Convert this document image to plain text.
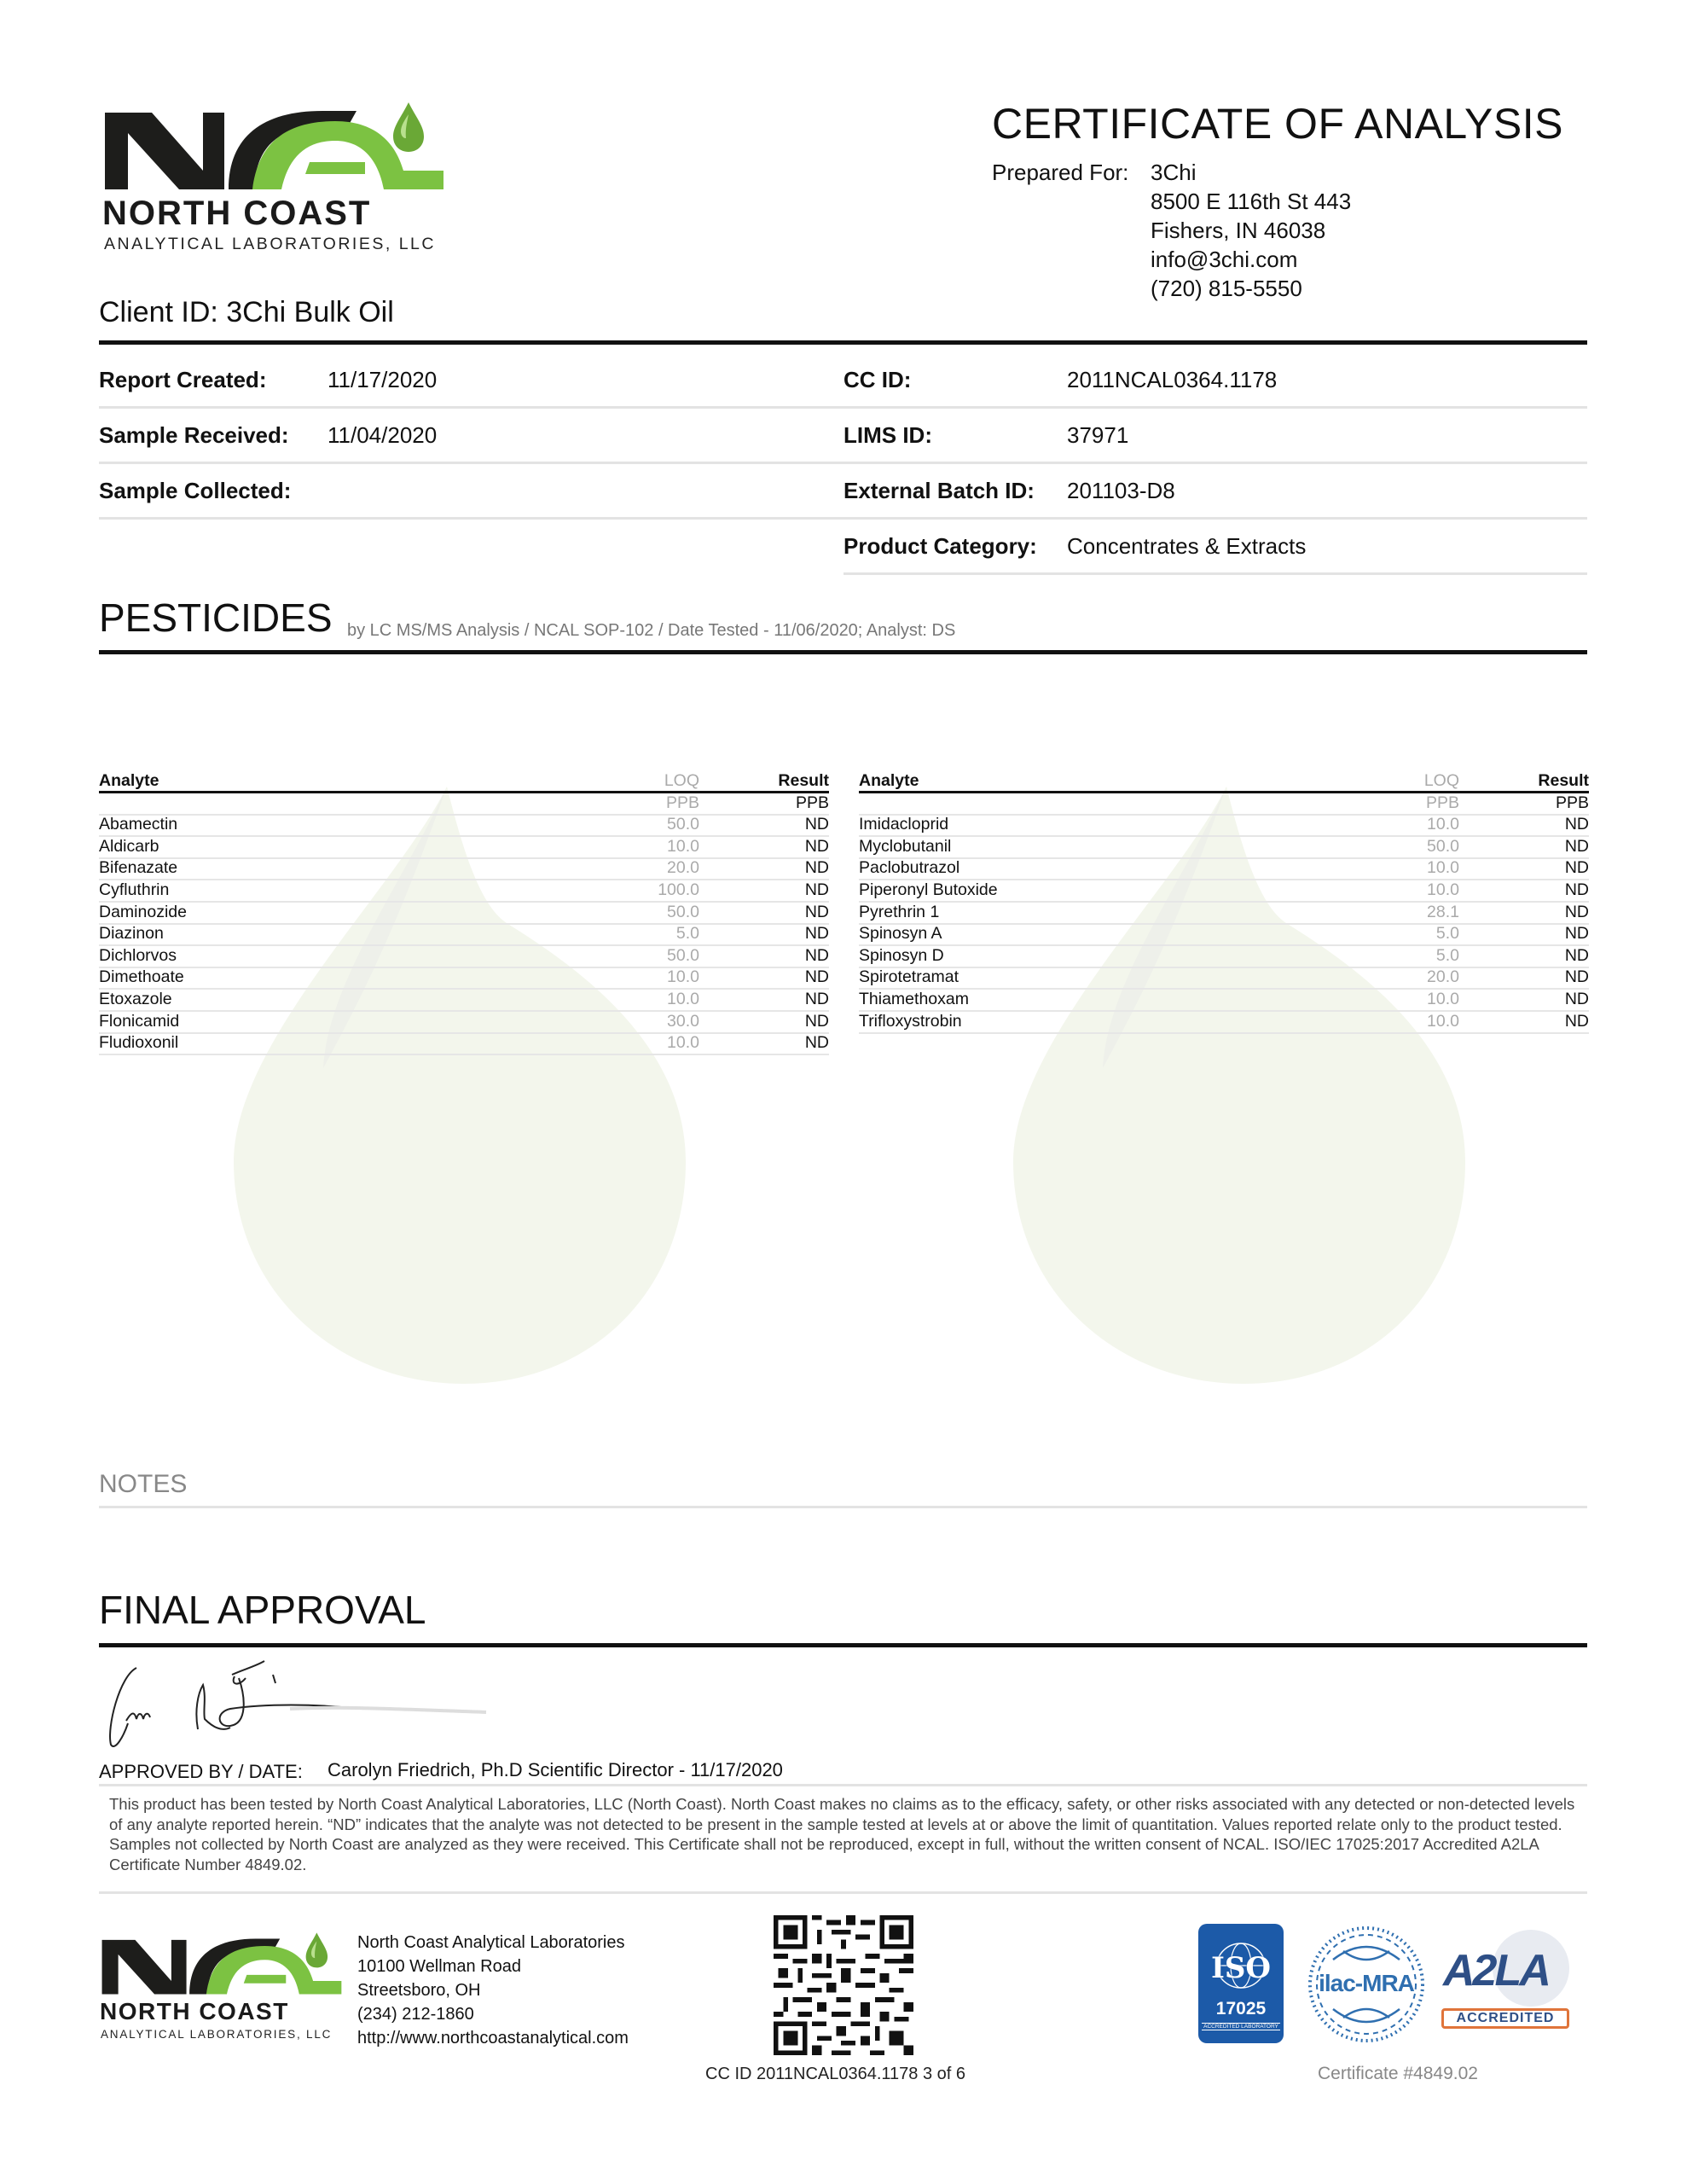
NORTH COAST
ANALYTICAL LABORATORIES, LLC
CERTIFICATE OF ANALYSIS
Prepared For: 3Chi
8500 E 116th St 443
Fishers, IN 46038
info@3chi.com
(720) 815-5550
Client ID: 3Chi Bulk Oil
Report Created:	11/17/2020
Sample Received: 11/04/2020
Sample Collected:
CC ID:	2011NCAL0364.1178
LIMS ID:	37971
External Batch ID: 201103-D8
Product Category: Concentrates & Extracts
PESTICIDES by LC MS/MS Analysis / NCAL SOP-102 / Date Tested - 11/06/2020; Analyst: DS
Analyte	LOQ	Result
PPB	PPB
Abamectin	50.0	ND
Aldicarb	10.0	ND
Bifenazate	20.0	ND
Cyfluthrin	100.0	ND
Daminozide	50.0	ND
Diazinon	5.0	ND
Dichlorvos	50.0	ND
Dimethoate	10.0	ND
Etoxazole	10.0	ND
Flonicamid	30.0	ND
Fludioxonil	10.0	ND
Analyte	LOQ	Result
PPB	PPB
Imidacloprid	10.0	ND
Myclobutanil	50.0	ND
Paclobutrazol	10.0	ND
Piperonyl Butoxide	10.0	ND
Pyrethrin 1	28.1	ND
Spinosyn A	5.0	ND
Spinosyn D	5.0	ND
Spirotetramat	20.0	ND
Thiamethoxam	10.0	ND
Trifloxystrobin	10.0	ND
NOTES
FINAL APPROVAL
APPROVED BY / DATE: Carolyn Friedrich, Ph.D Scientific Director - 11/17/2020
This product has been tested by North Coast Analytical Laboratories, LLC (North Coast). North Coast makes no claims as to the efficacy, safety, or other risks associated with any detected or non-detected levels of any analyte reported herein. “ND” indicates that the analyte was not detected to be present in the sample tested at levels at or above the limit of quantitation. Values reported relate only to the product tested. Samples not collected by North Coast are analyzed as they were received. This Certificate shall not be reproduced, except in full, without the written consent of NCAL. ISO/IEC 17025:2017 Accredited A2LA Certificate Number 4849.02.
NORTH COAST
ANALYTICAL LABORATORIES, LLC
North Coast Analytical Laboratories
10100 Wellman Road
Streetsboro, OH
(234) 212-1860
http://www.northcoastanalytical.com
CC ID 2011NCAL0364.1178 3 of 6
ISO
17025
ACCREDITED LABORATORY
ilac-MRA A2LA
ACCREDITED
Certificate #4849.02
